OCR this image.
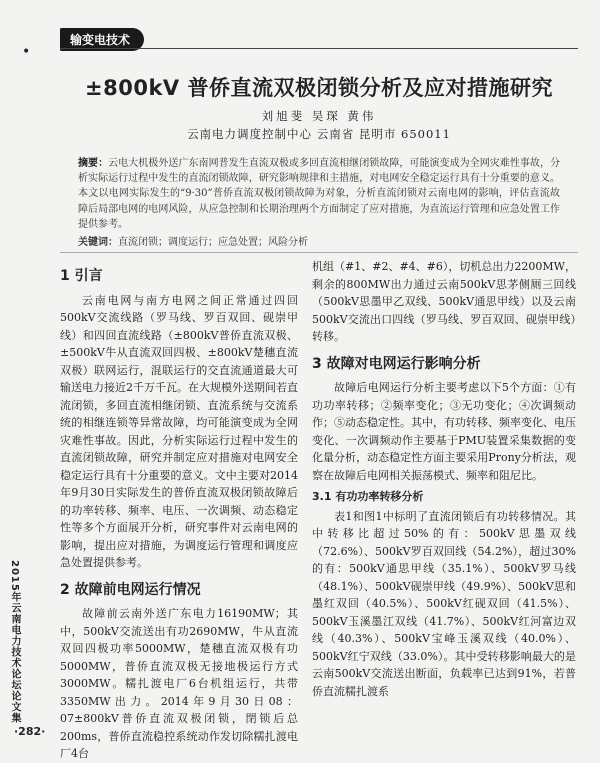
•
输变电技术
±800kV 普侨直流双极闭锁分析及应对措施研究
刘旭斐 吴琛 黄伟
云南电力调度控制中心 云南省 昆明市 650011
摘要：云电大机极外送广东南网普发生直流双极或多回直流相继闭锁故障，可能演变成为全网灾难性事故，分析实际运行过程中发生的直流闭锁故障，研究影响规律和主措施，对电网安全稳定运行具有十分重要的意义。本文以电网实际发生的“9·30”普侨直流双极闭锁故障为对象，分析直流闭锁对云南电网的影响，评估直流故障后局部电网的电网风险，从应急控制和长期治理两个方面制定了应对措施，为直流运行管理和应急处置工作提供参考。
关键词：直流闭锁；调度运行；应急处置；风险分析
1 引言

云南电网与南方电网之间正常通过四回500kV交流线路（罗马线、罗百双回、砚崇甲线）和四回直流线路（±800kV普侨直流双极、±500kV牛从直流双回四极、±800kV楚穗直流双极）联网运行，混联运行的交直流通道最大可输送电力接近2千万千瓦。在大规模外送期间若直流闭锁，多回直流相继闭锁、直流系统与交流系统的相继连锁等异常故障，均可能演变成为全网灾难性事故。因此，分析实际运行过程中发生的直流闭锁故障，研究并制定应对措施对电网安全稳定运行具有十分重要的意义。文中主要对2014年9月30日实际发生的普侨直流双极闭锁故障后的功率转移、频率、电压、一次调频、动态稳定性等多个方面展开分析，研究事件对云南电网的影响，提出应对措施，为调度运行管理和调度应急处置提供参考。

2 故障前电网运行情况

故障前云南外送广东电力16190MW；其中，500kV交流送出有功2690MW，牛从直流双回四极功率5000MW，楚穗直流双极有功5000MW，普侨直流双极无接地极运行方式3000MW。糯扎渡电厂6台机组运行，共带3350MW出力。2014年9月30日08：07±800kV普侨直流双极闭锁，閉锁后总200ms，普侨直流稳控系统动作发切除糯扎渡电厂4台

机组（#1、#2、#4、#6），切机总出力2200MW，剩余的800MW出力通过云南500kV思茅侧厕三回线（500kV思墨甲乙双线、500kV通思甲线）以及云南500kV交流出口四线（罗马线、罗百双回、砚崇甲线）转移。

3 故障对电网运行影响分析

故障后电网运行分析主要考虑以下5个方面：①有功功率转移；②频率变化；③无功变化；④次调频动作；⑤动态稳定性。其中，有功转移、频率变化、电压变化、一次调频动作主要基于PMU装置采集数据的变化量分析，动态稳定性方面主要采用Prony分析法，观察在故障后电网相关振荡模式、频率和阻尼比。

3.1 有功功率转移分析

表1和图1中标明了直流闭锁后有功转移情况。其中转移比超过50%的有：500kV思墨双线（72.6%）、500kV罗百双回线（54.2%），超过30%的有：500kV通思甲线（35.1%）、500kV罗马线（48.1%）、500kV砚崇甲线（49.9%）、500kV思和墨红双回（40.5%）、500kV红砚双回（41.5%）、500kV玉溪墨江双线（41.7%）、500kV红河富边双线（40.3%）、500kV宝峰玉溪双线（40.0%）、500kV红宁双线（33.0%）。其中受转移影响最大的是云南500kV交流送出断面，负载率已达到91%，若普侨直流糯扎渡系

2015年云南电力技术论坛论文集
·282·
